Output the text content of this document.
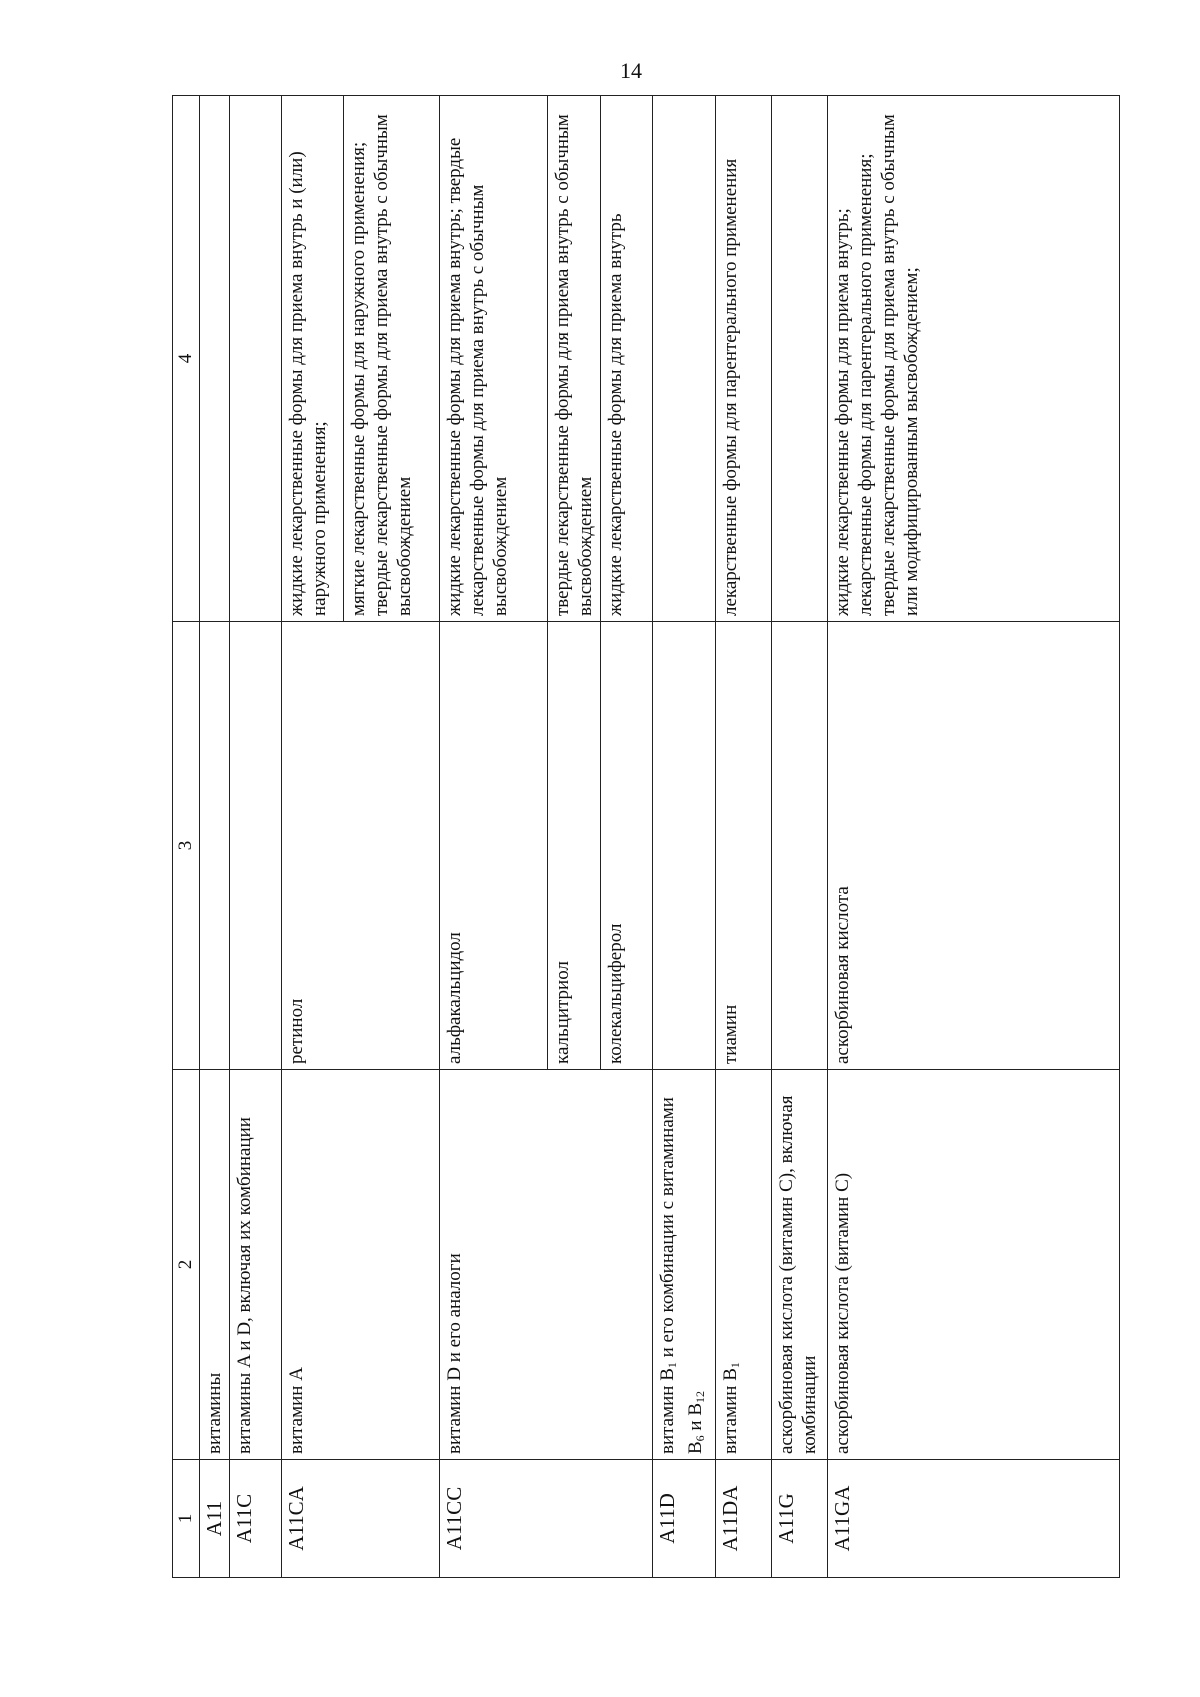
14
1	2	3	4
A11	витамины		
A11C	витамины A и D, включая их комбинации		
A11CA	витамин A	ретинол	жидкие лекарственные формы для приема внутрь и (или) наружного применения;
			мягкие лекарственные формы для наружного применения; твердые лекарственные формы для приема внутрь с обычным высвобождением
A11CC	витамин D и его аналоги	альфакальцидол	жидкие лекарственные формы для приема внутрь; твердые лекарственные формы для приема внутрь с обычным высвобождением
		кальцитриол	твердые лекарственные формы для приема внутрь с обычным высвобождением
		колекальциферол	жидкие лекарственные формы для приема внутрь
A11D	витамин $B_1$ и его комбинации с витаминами $B_6$ и $B_{12}$		
A11DA	витамин $B_1$	тиамин	лекарственные формы для парентерального применения
A11G	аскорбиновая кислота (витамин C), включая комбинации		
A11GA	аскорбиновая кислота (витамин C)	аскорбиновая кислота	жидкие лекарственные формы для приема внутрь; лекарственные формы для парентерального применения; твердые лекарственные формы для приема внутрь с обычным или модифицированным высвобождением;
